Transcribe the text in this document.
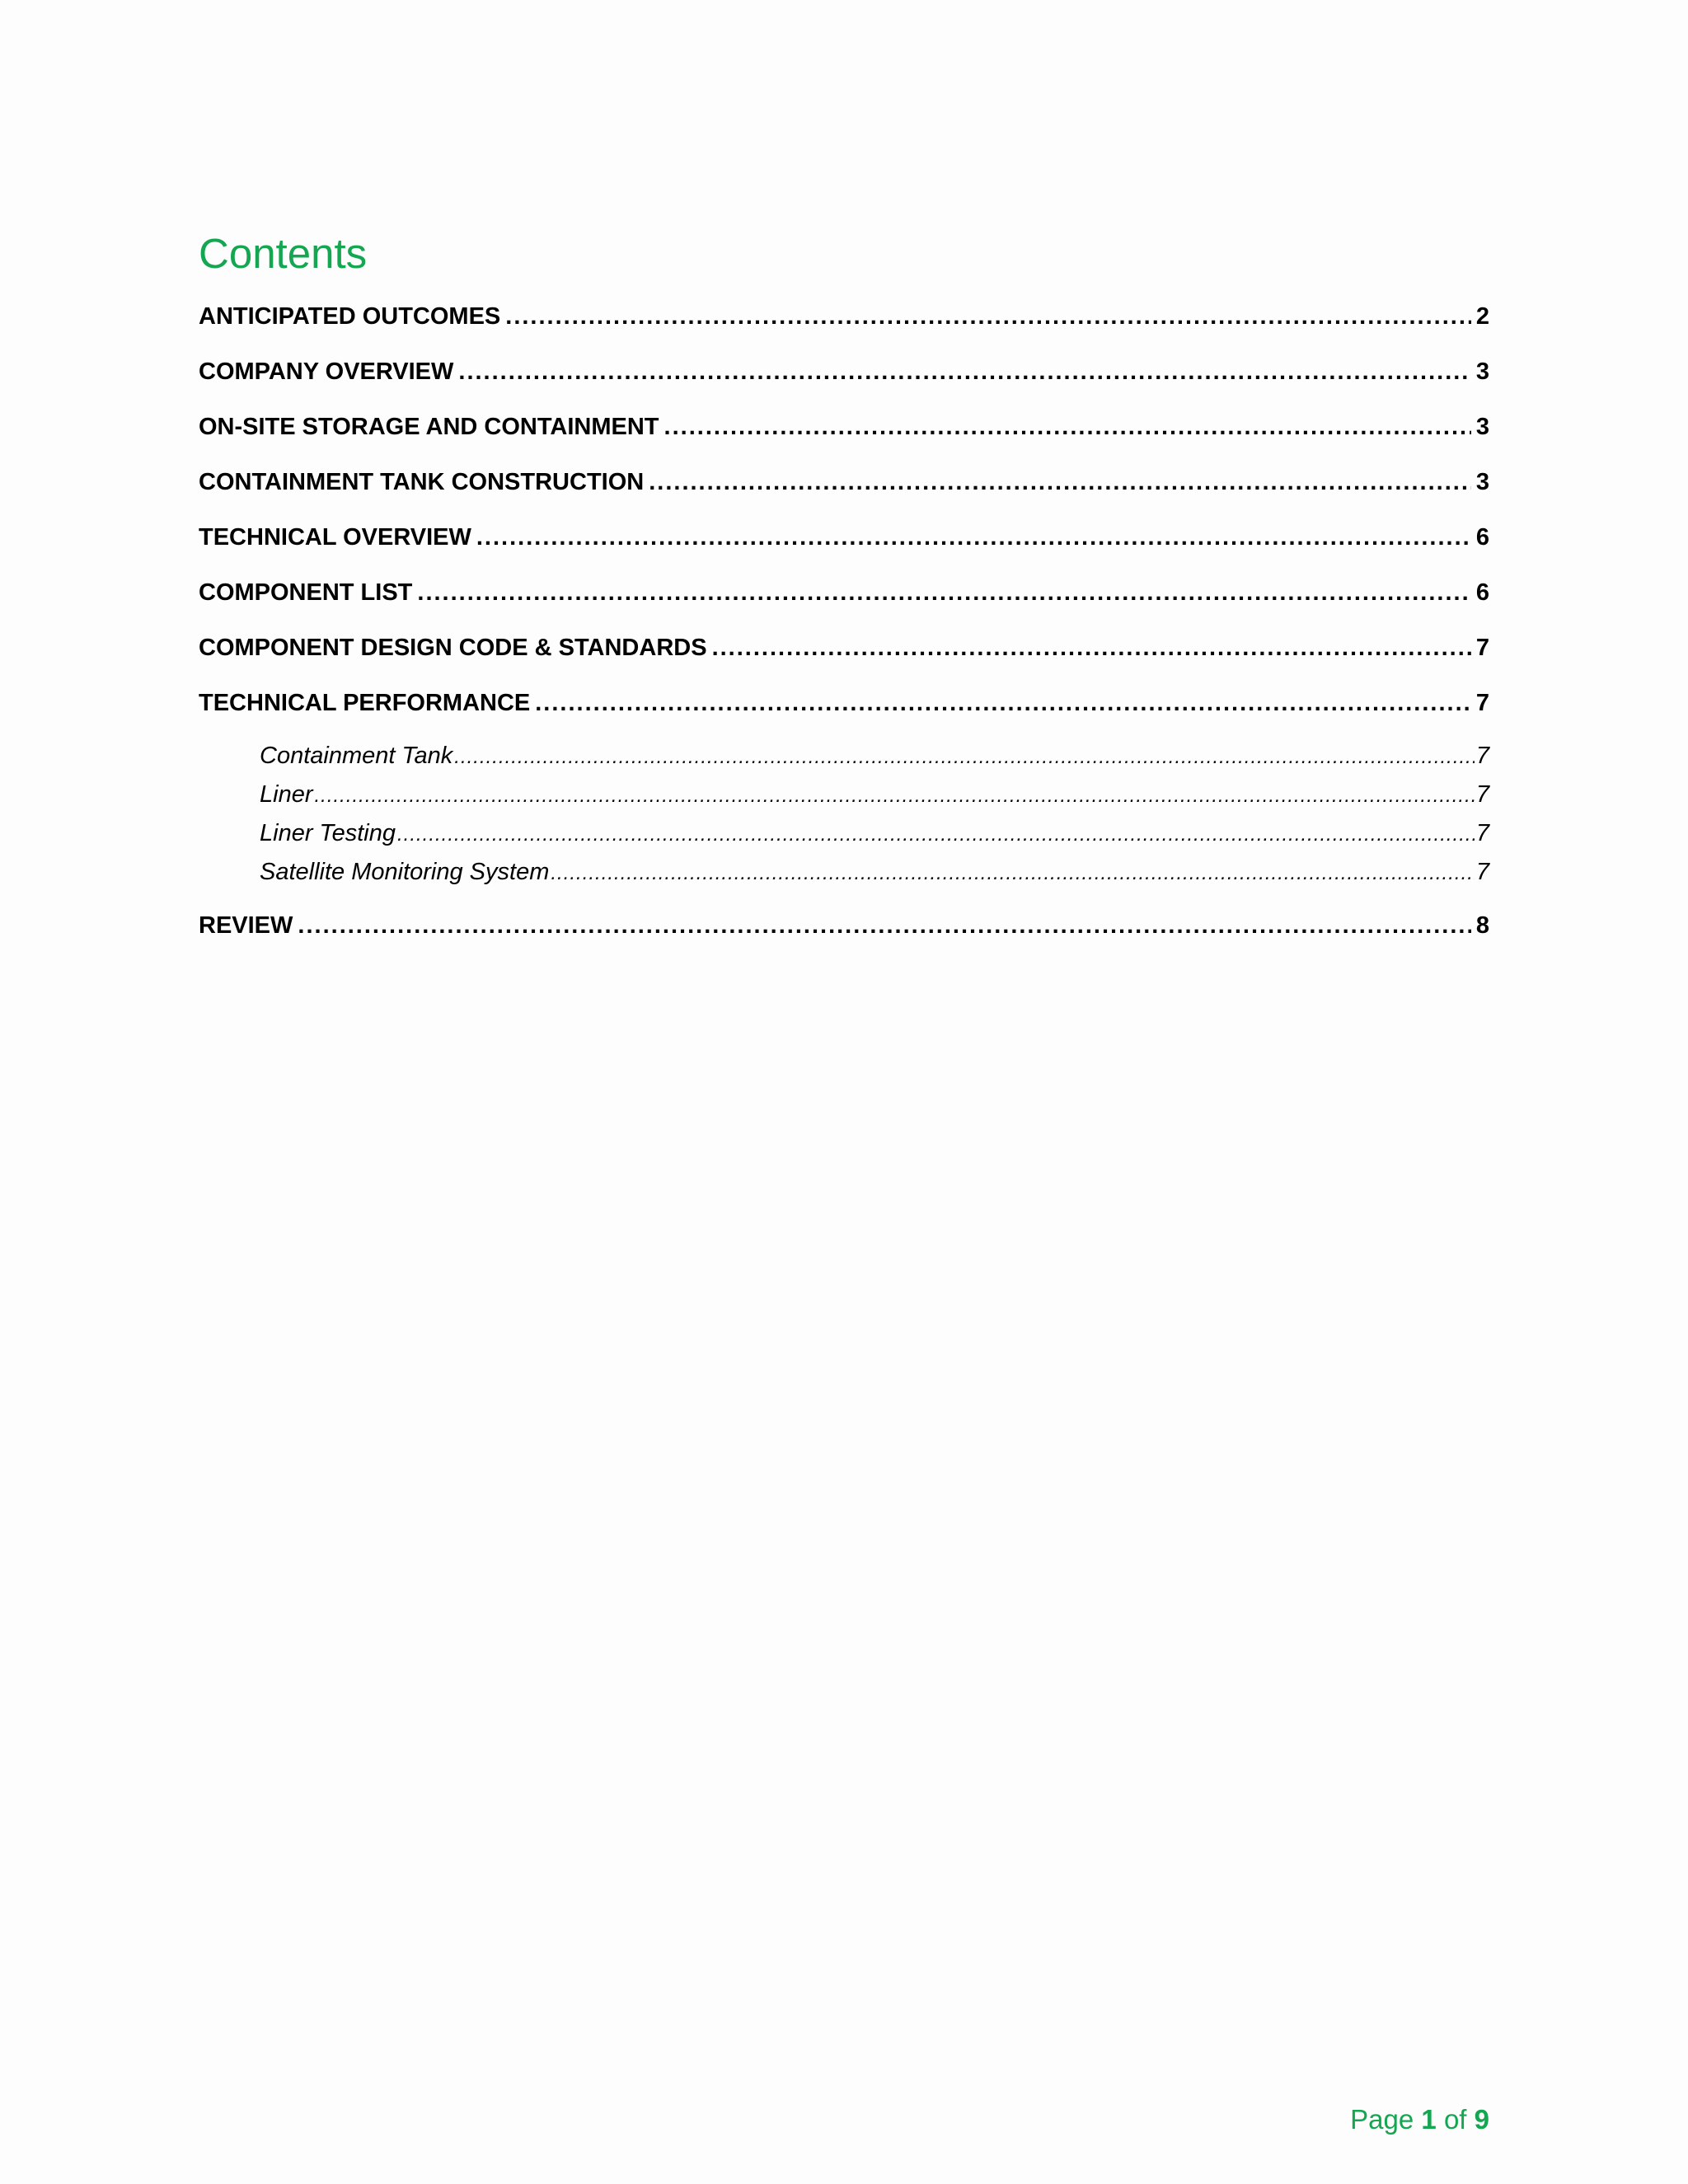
Contents
ANTICIPATED OUTCOMES .....	2
COMPANY OVERVIEW .....	3
ON-SITE STORAGE AND CONTAINMENT .....	3
CONTAINMENT TANK CONSTRUCTION .....	3
TECHNICAL OVERVIEW .....	6
COMPONENT LIST .....	6
COMPONENT DESIGN CODE & STANDARDS .....	7
TECHNICAL PERFORMANCE .....	7
Containment Tank .....	7
Liner .....	7
Liner Testing .....	7
Satellite Monitoring System .....	7
REVIEW .....	8
Page 1 of 9
